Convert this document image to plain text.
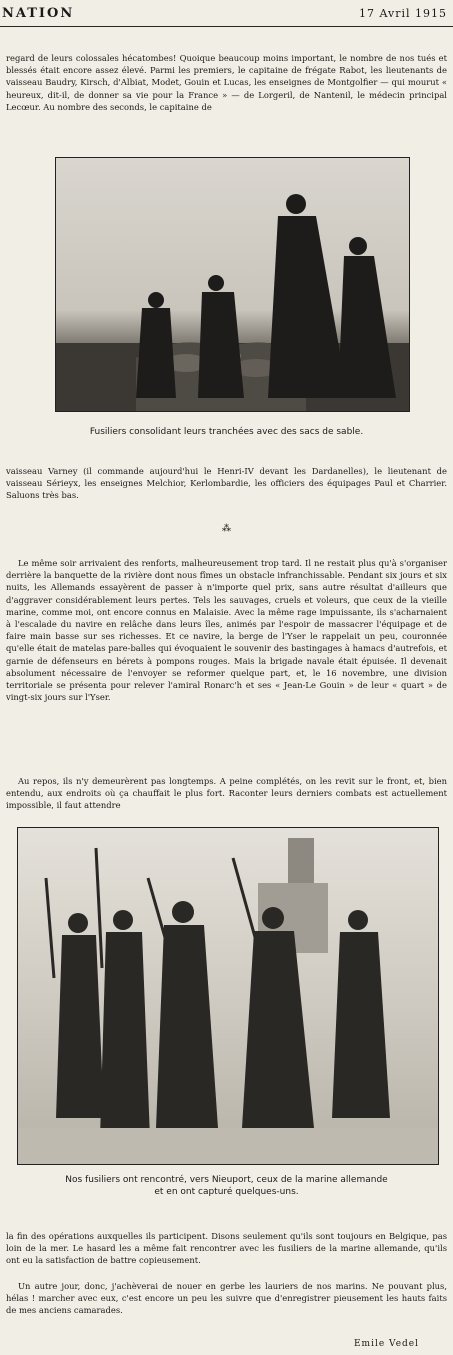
NATION	17 Avril 1915

regard de leurs colossales hécatombes! Quoique beaucoup moins important, le nombre de nos tués et blessés était encore assez élevé. Parmi les premiers, le capitaine de frégate Rabot, les lieutenants de vaisseau Baudry, Kirsch, d'Albiat, Modet, Gouin et Lucas, les enseignes de Montgolfier — qui mourut « heureux, dit-il, de donner sa vie pour la France » — de Lorgeril, de Nantenil, le médecin principal Lecœur. Au nombre des seconds, le capitaine de

Fusiliers consolidant leurs tranchées avec des sacs de sable.

vaisseau Varney (il commande aujourd'hui le Henri-IV devant les Dardanelles), le lieutenant de vaisseau Sérieyx, les enseignes Melchior, Kerlombardie, les officiers des équipages Paul et Charrier. Saluons très bas.

⁂

Le même soir arrivaient des renforts, malheureusement trop tard. Il ne restait plus qu'à s'organiser derrière la banquette de la rivière dont nous fîmes un obstacle infranchissable. Pendant six jours et six nuits, les Allemands essayèrent de passer à n'importe quel prix, sans autre résultat d'ailleurs que d'aggraver considérablement leurs pertes. Tels les sauvages, cruels et voleurs, que ceux de la vieille marine, comme moi, ont encore connus en Malaisie. Avec la même rage impuissante, ils s'acharnaient à l'escalade du navire en relâche dans leurs îles, animés par l'espoir de massacrer l'équipage et de faire main basse sur ses richesses. Et ce navire, la berge de l'Yser le rappelait un peu, couronnée qu'elle était de matelas pare-balles qui évoquaient le souvenir des bastingages à hamacs d'autrefois, et garnie de défenseurs en bérets à pompons rouges. Mais la brigade navale était épuisée. Il devenait absolument nécessaire de l'envoyer se reformer quelque part, et, le 16 novembre, une division territoriale se présenta pour relever l'amiral Ronarc'h et ses « Jean-Le Gouin » de leur « quart » de vingt-six jours sur l'Yser.

Au repos, ils n'y demeurèrent pas longtemps. A peine complétés, on les revit sur le front, et, bien entendu, aux endroits où ça chauffait le plus fort. Raconter leurs derniers combats est actuellement impossible, il faut attendre

Nos fusiliers ont rencontré, vers Nieuport, ceux de la marine allemande
et en ont capturé quelques-uns.

la fin des opérations auxquelles ils participent. Disons seulement qu'ils sont toujours en Belgique, pas loin de la mer. Le hasard les a même fait rencontrer avec les fusiliers de la marine allemande, qu'ils ont eu la satisfaction de battre copieusement.

Un autre jour, donc, j'achèverai de nouer en gerbe les lauriers de nos marins. Ne pouvant plus, hélas ! marcher avec eux, c'est encore un peu les suivre que d'enregistrer pieusement les hauts faits de mes anciens camarades.

Emile Vedel
